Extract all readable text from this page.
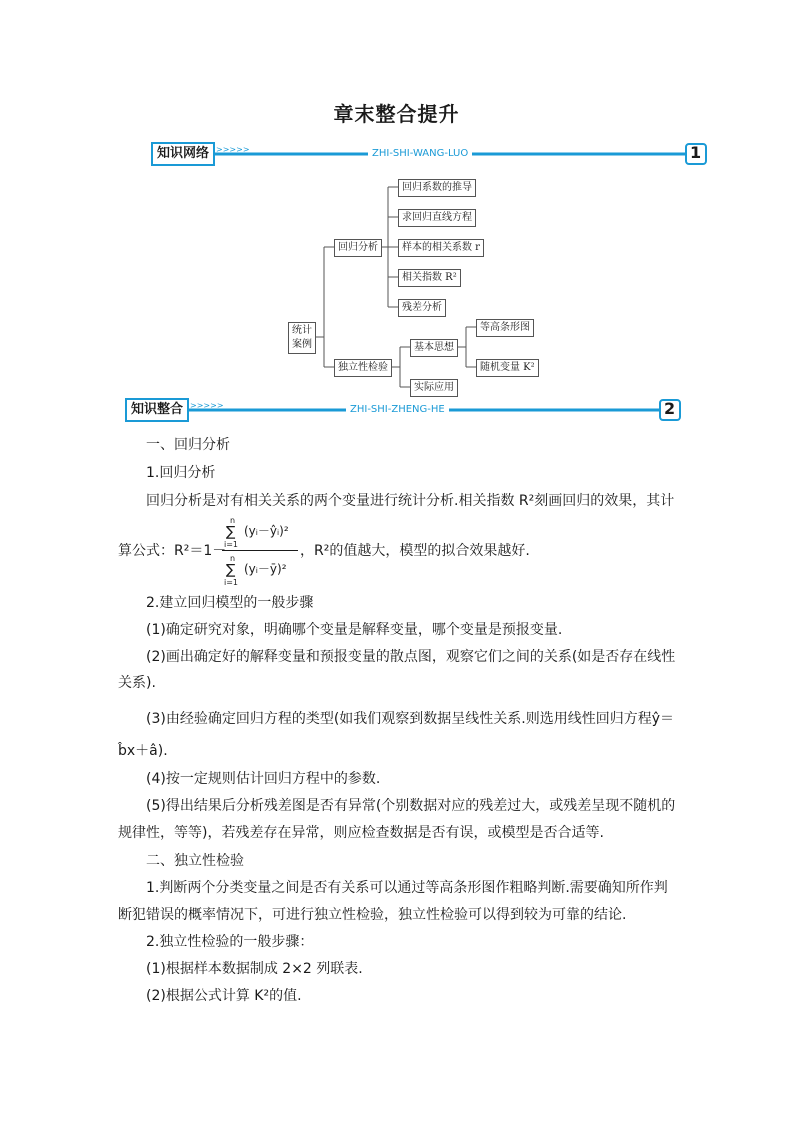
章末整合提升
知识网络 >>>>>	ZHI-SHI-WANG-LUO	1
统计
案例
回归分析
回归系数的推导
求回归直线方程
样本的相关系数 r
相关指数 R²
残差分析
独立性检验
基本思想
等高条形图
随机变量 K²
实际应用
知识整合 >>>>>	ZHI-SHI-ZHENG-HE	2
一、回归分析
1.回归分析
回归分析是对有相关关系的两个变量进行统计分析.相关指数 R²刻画回归的效果，其计
算公式：R²＝1－
n
∑
i=1
(yᵢ－ŷᵢ)²
n
∑
i=1
(yᵢ－ȳ)²
，R²的值越大，模型的拟合效果越好.
2.建立回归模型的一般步骤
(1)确定研究对象，明确哪个变量是解释变量，哪个变量是预报变量.
(2)画出确定好的解释变量和预报变量的散点图，观察它们之间的关系(如是否存在线性
关系).
(3)由经验确定回归方程的类型(如我们观察到数据呈线性关系.则选用线性回归方程ŷ＝
b̂x＋â).
(4)按一定规则估计回归方程中的参数.
(5)得出结果后分析残差图是否有异常(个别数据对应的残差过大，或残差呈现不随机的
规律性，等等)，若残差存在异常，则应检查数据是否有误，或模型是否合适等.
二、独立性检验
1.判断两个分类变量之间是否有关系可以通过等高条形图作粗略判断.需要确知所作判
断犯错误的概率情况下，可进行独立性检验，独立性检验可以得到较为可靠的结论.
2.独立性检验的一般步骤：
(1)根据样本数据制成 2×2 列联表.
(2)根据公式计算 K²的值.
